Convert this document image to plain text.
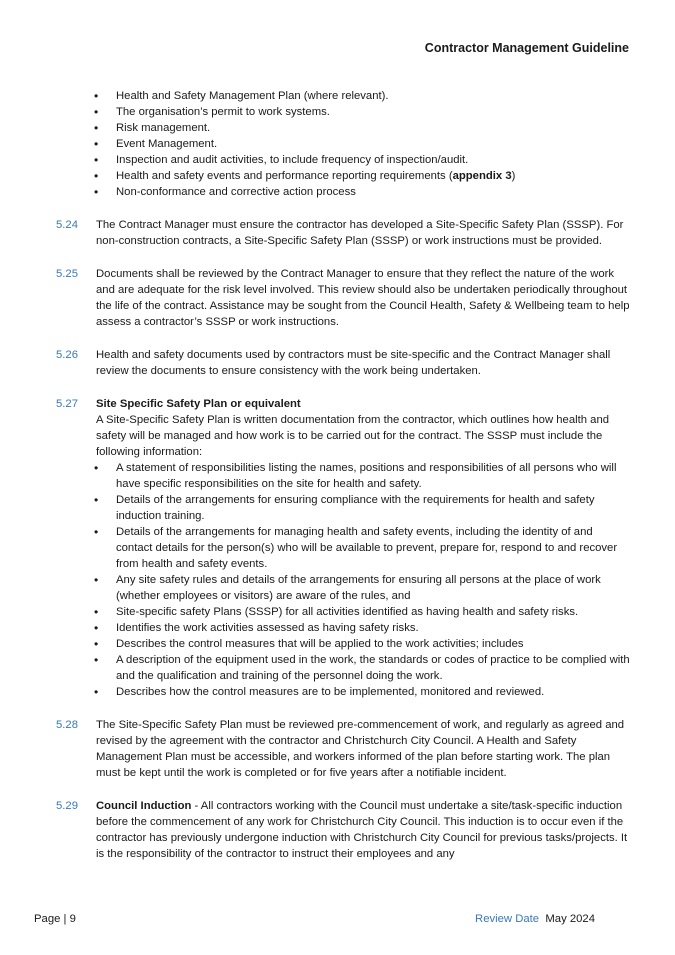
Contractor Management Guideline
• Health and Safety Management Plan (where relevant).
• The organisation’s permit to work systems.
• Risk management.
• Event Management.
• Inspection and audit activities, to include frequency of inspection/audit.
• Health and safety events and performance reporting requirements (appendix 3)
• Non-conformance and corrective action process
5.24 The Contract Manager must ensure the contractor has developed a Site-Specific Safety Plan (SSSP). For non-construction contracts, a Site-Specific Safety Plan (SSSP) or work instructions must be provided.
5.25 Documents shall be reviewed by the Contract Manager to ensure that they reflect the nature of the work and are adequate for the risk level involved. This review should also be undertaken periodically throughout the life of the contract. Assistance may be sought from the Council Health, Safety & Wellbeing team to help assess a contractor’s SSSP or work instructions.
5.26 Health and safety documents used by contractors must be site-specific and the Contract Manager shall review the documents to ensure consistency with the work being undertaken.
5.27 Site Specific Safety Plan or equivalent
A Site-Specific Safety Plan is written documentation from the contractor, which outlines how health and safety will be managed and how work is to be carried out for the contract. The SSSP must include the following information:
• A statement of responsibilities listing the names, positions and responsibilities of all persons who will have specific responsibilities on the site for health and safety.
• Details of the arrangements for ensuring compliance with the requirements for health and safety induction training.
• Details of the arrangements for managing health and safety events, including the identity of and contact details for the person(s) who will be available to prevent, prepare for, respond to and recover from health and safety events.
• Any site safety rules and details of the arrangements for ensuring all persons at the place of work (whether employees or visitors) are aware of the rules, and
• Site-specific safety Plans (SSSP) for all activities identified as having health and safety risks.
• Identifies the work activities assessed as having safety risks.
• Describes the control measures that will be applied to the work activities; includes
• A description of the equipment used in the work, the standards or codes of practice to be complied with and the qualification and training of the personnel doing the work.
• Describes how the control measures are to be implemented, monitored and reviewed.
5.28 The Site-Specific Safety Plan must be reviewed pre-commencement of work, and regularly as agreed and revised by the agreement with the contractor and Christchurch City Council. A Health and Safety Management Plan must be accessible, and workers informed of the plan before starting work. The plan must be kept until the work is completed or for five years after a notifiable incident.
5.29 Council Induction - All contractors working with the Council must undertake a site/task-specific induction before the commencement of any work for Christchurch City Council. This induction is to occur even if the contractor has previously undergone induction with Christchurch City Council for previous tasks/projects. It is the responsibility of the contractor to instruct their employees and any
Page | 9	Review Date May 2024
